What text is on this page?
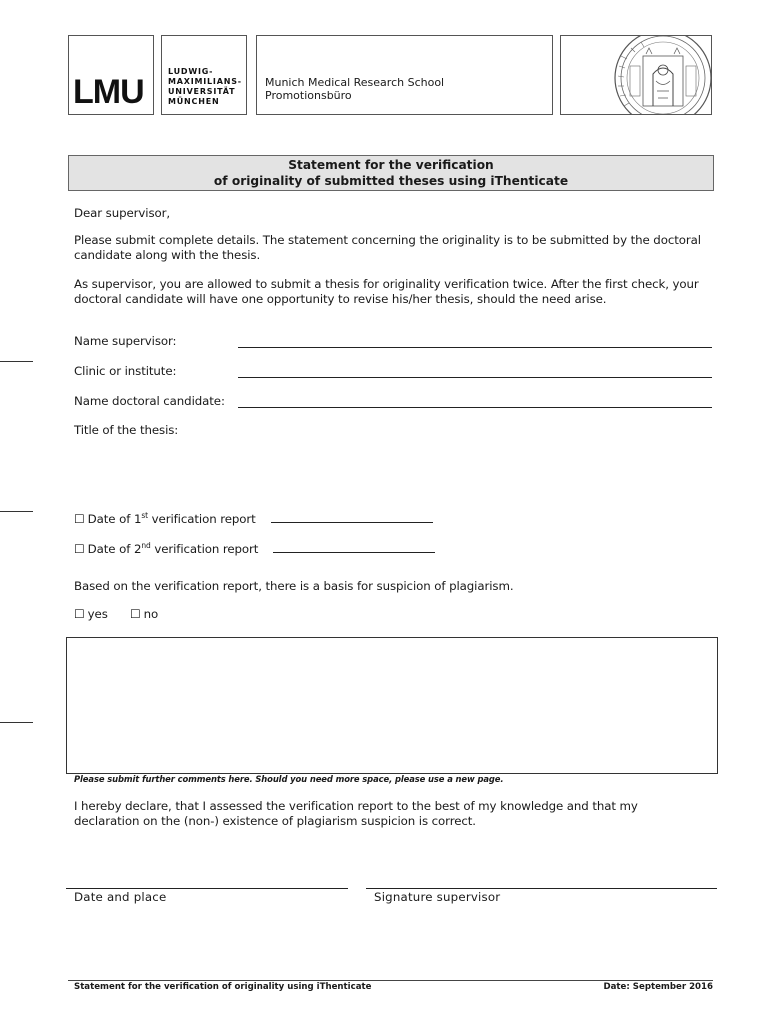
LMU
LUDWIG-
MAXIMILIANS-
UNIVERSITÄT
MÜNCHEN
Munich Medical Research School
Promotionsbüro
Statement for the verification
of originality of submitted theses using iThenticate
Dear supervisor,
Please submit complete details. The statement concerning the originality is to be submitted by the doctoral candidate along with the thesis.
As supervisor, you are allowed to submit a thesis for originality verification twice. After the first check, your doctoral candidate will have one opportunity to revise his/her thesis, should the need arise.
Name supervisor:
Clinic or institute:
Name doctoral candidate:
Title of the thesis:
☐ Date of 1st verification report
☐ Date of 2nd verification report
Based on the verification report, there is a basis for suspicion of plagiarism.
☐ yes ☐ no
Please submit further comments here. Should you need more space, please use a new page.
I hereby declare, that I assessed the verification report to the best of my knowledge and that my declaration on the (non-) existence of plagiarism suspicion is correct.
Date and place	Signature supervisor
Statement for the verification of originality using iThenticate	Date: September 2016
